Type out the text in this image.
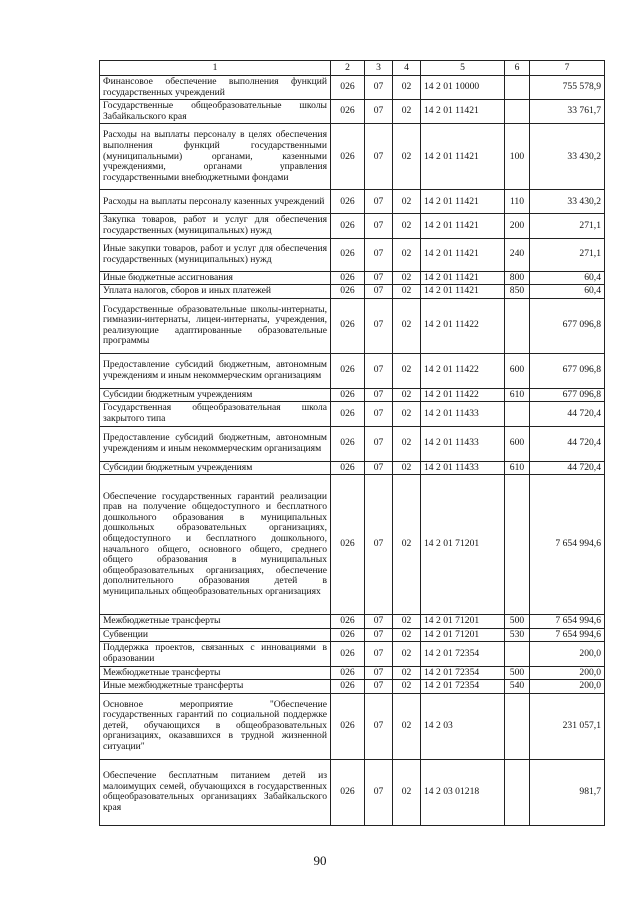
1	2	3	4	5	6	7
Финансовое обеспечение выполнения функций государственных учреждений	026	07	02	14 2 01 10000		755 578,9
Государственные общеобразовательные школы Забайкальского края	026	07	02	14 2 01 11421		33 761,7
Расходы на выплаты персоналу в целях обеспечения выполнения функций государственными (муниципальными) органами, казенными учреждениями, органами управления государственными внебюджетными фондами	026	07	02	14 2 01 11421	100	33 430,2
Расходы на выплаты персоналу казенных учреждений	026	07	02	14 2 01 11421	110	33 430,2
Закупка товаров, работ и услуг для обеспечения государственных (муниципальных) нужд	026	07	02	14 2 01 11421	200	271,1
Иные закупки товаров, работ и услуг для обеспечения государственных (муниципальных) нужд	026	07	02	14 2 01 11421	240	271,1
Иные бюджетные ассигнования	026	07	02	14 2 01 11421	800	60,4
Уплата налогов, сборов и иных платежей	026	07	02	14 2 01 11421	850	60,4
Государственные образовательные школы-интернаты, гимназии-интернаты, лицеи-интернаты, учреждения, реализующие адаптированные образовательные программы	026	07	02	14 2 01 11422		677 096,8
Предоставление субсидий бюджетным, автономным учреждениям и иным некоммерческим организациям	026	07	02	14 2 01 11422	600	677 096,8
Субсидии бюджетным учреждениям	026	07	02	14 2 01 11422	610	677 096,8
Государственная общеобразовательная школа закрытого типа	026	07	02	14 2 01 11433		44 720,4
Предоставление субсидий бюджетным, автономным учреждениям и иным некоммерческим организациям	026	07	02	14 2 01 11433	600	44 720,4
Субсидии бюджетным учреждениям	026	07	02	14 2 01 11433	610	44 720,4
Обеспечение государственных гарантий реализации прав на получение общедоступного и бесплатного дошкольного образования в муниципальных дошкольных образовательных организациях, общедоступного и бесплатного дошкольного, начального общего, основного общего, среднего общего образования в муниципальных общеобразовательных организациях, обеспечение дополнительного образования детей в муниципальных общеобразовательных организациях	026	07	02	14 2 01 71201		7 654 994,6
Межбюджетные трансферты	026	07	02	14 2 01 71201	500	7 654 994,6
Субвенции	026	07	02	14 2 01 71201	530	7 654 994,6
Поддержка проектов, связанных с инновациями в образовании	026	07	02	14 2 01 72354		200,0
Межбюджетные трансферты	026	07	02	14 2 01 72354	500	200,0
Иные межбюджетные трансферты	026	07	02	14 2 01 72354	540	200,0
Основное мероприятие "Обеспечение государственных гарантий по социальной поддержке детей, обучающихся в общеобразовательных организациях, оказавшихся в трудной жизненной ситуации"	026	07	02	14 2 03		231 057,1
Обеспечение бесплатным питанием детей из малоимущих семей, обучающихся в государственных общеобразовательных организациях Забайкальского края	026	07	02	14 2 03 01218		981,7
90
